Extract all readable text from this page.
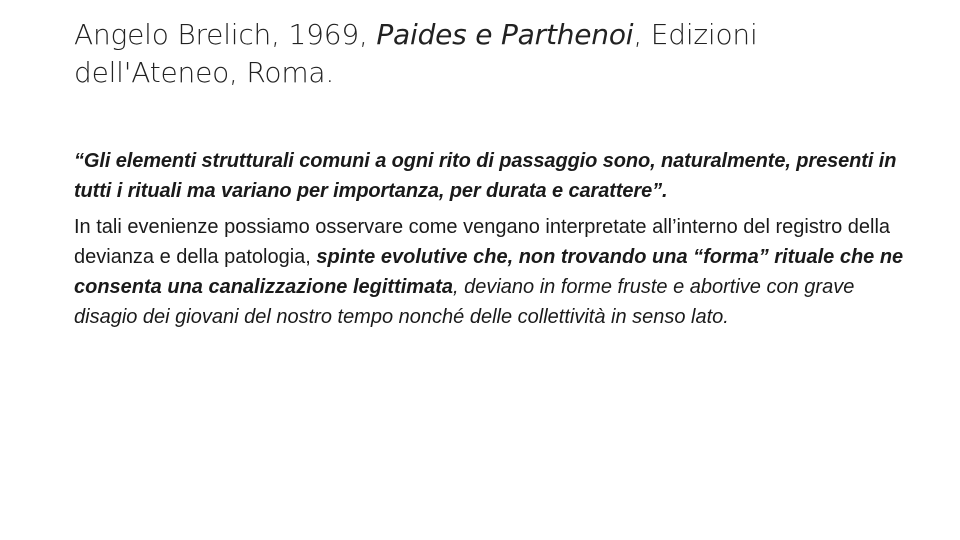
Angelo Brelich, 1969, Paides e Parthenoi, Edizioni dell'Ateneo, Roma.

“Gli elementi strutturali comuni a ogni rito di passaggio sono, naturalmente, presenti in tutti i rituali ma variano per importanza, per durata e carattere”.

In tali evenienze possiamo osservare come vengano interpretate all’interno del registro della devianza e della patologia, spinte evolutive che, non trovando una “forma” rituale che ne consenta una canalizzazione legittimata, deviano in forme fruste e abortive con grave disagio dei giovani del nostro tempo nonché delle collettività in senso lato.
